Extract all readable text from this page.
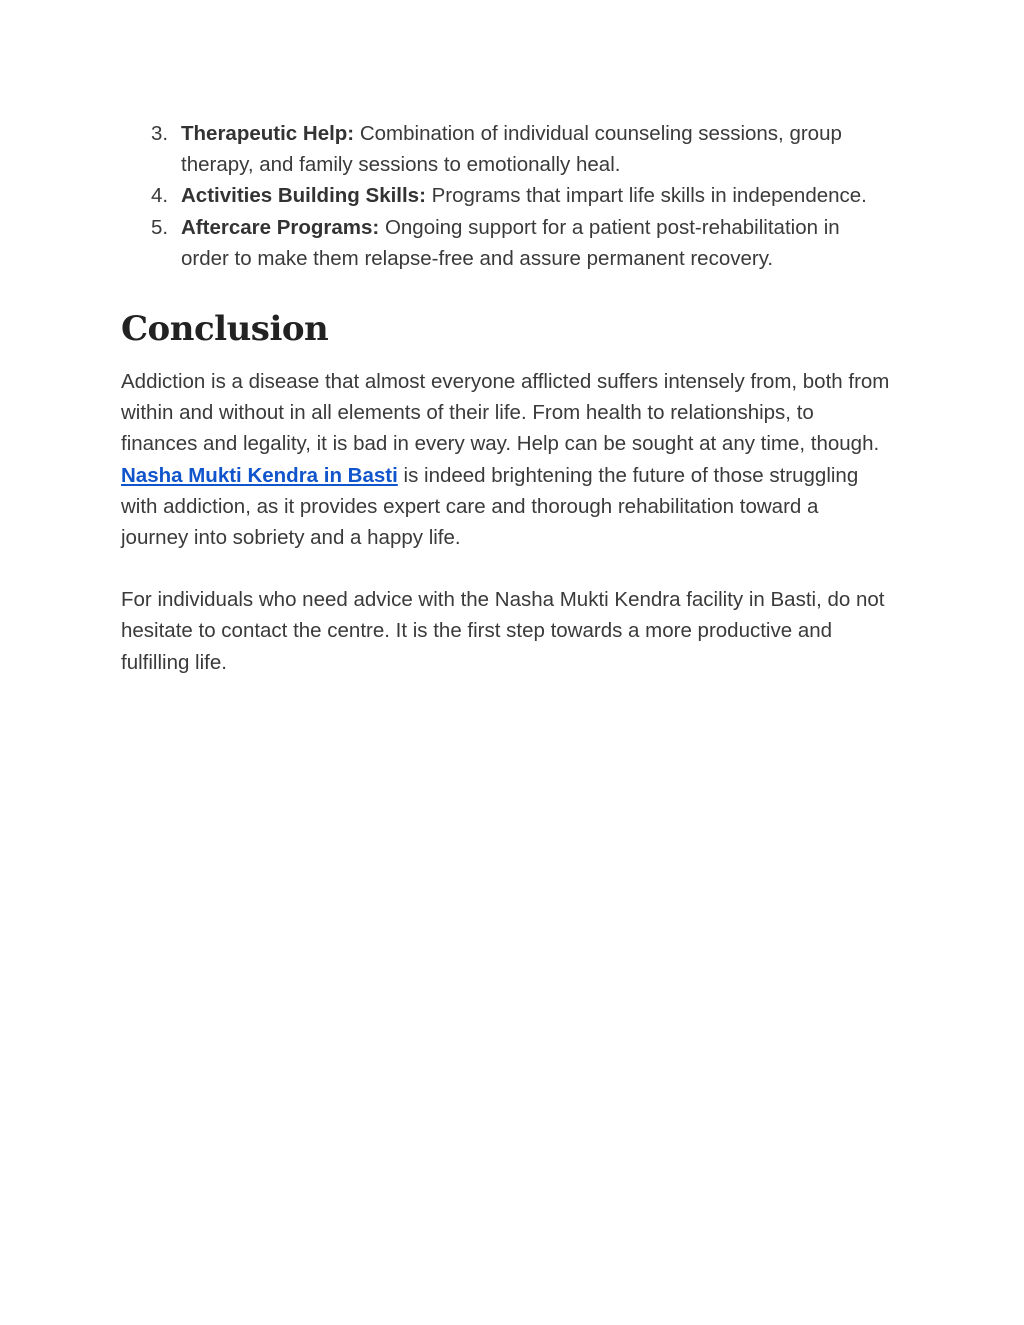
3. Therapeutic Help: Combination of individual counseling sessions, group therapy, and family sessions to emotionally heal.
4. Activities Building Skills: Programs that impart life skills in independence.
5. Aftercare Programs: Ongoing support for a patient post-rehabilitation in order to make them relapse-free and assure permanent recovery.
Conclusion

Addiction is a disease that almost everyone afflicted suffers intensely from, both from within and without in all elements of their life. From health to relationships, to finances and legality, it is bad in every way. Help can be sought at any time, though. Nasha Mukti Kendra in Basti is indeed brightening the future of those struggling with addiction, as it provides expert care and thorough rehabilitation toward a journey into sobriety and a happy life.

For individuals who need advice with the Nasha Mukti Kendra facility in Basti, do not hesitate to contact the centre. It is the first step towards a more productive and fulfilling life.
